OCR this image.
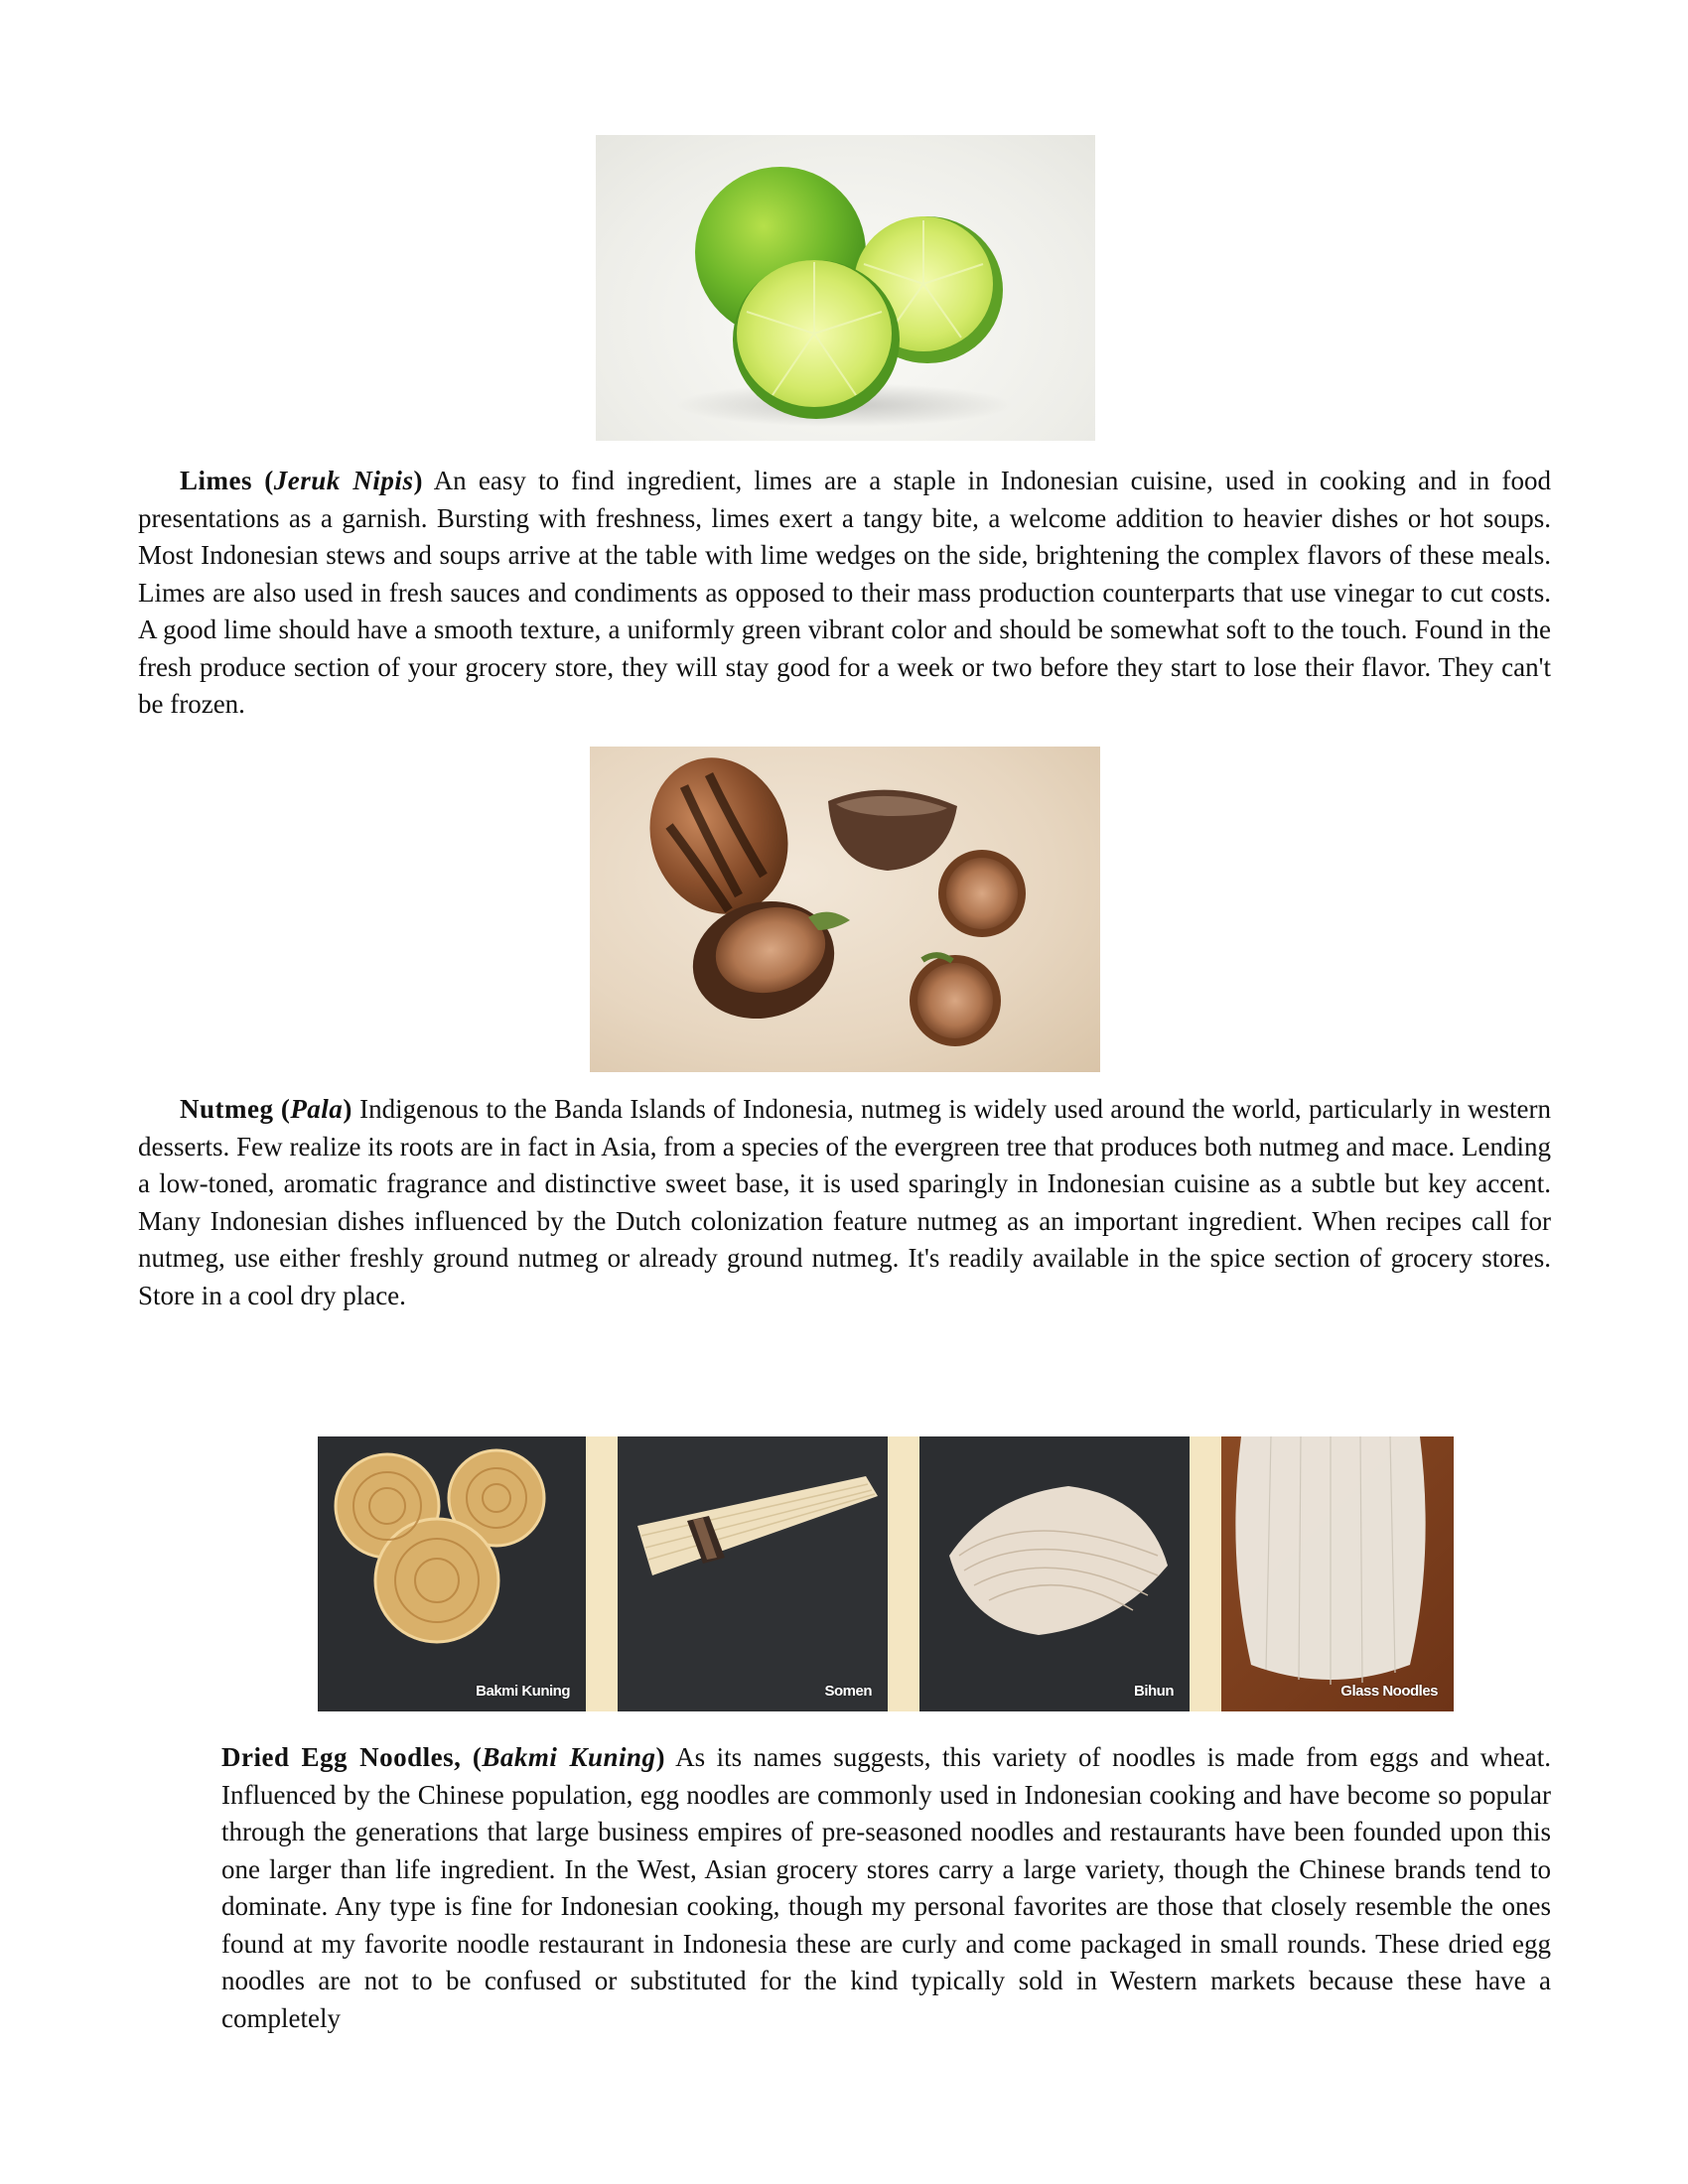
Limes (Jeruk Nipis) An easy to find ingredient, limes are a staple in Indonesian cuisine, used in cooking and in food presentations as a garnish. Bursting with freshness, limes exert a tangy bite, a welcome addition to heavier dishes or hot soups. Most Indonesian stews and soups arrive at the table with lime wedges on the side, brightening the complex flavors of these meals. Limes are also used in fresh sauces and condiments as opposed to their mass production counterparts that use vinegar to cut costs. A good lime should have a smooth texture, a uniformly green vibrant color and should be somewhat soft to the touch. Found in the fresh produce section of your grocery store, they will stay good for a week or two before they start to lose their flavor. They can't be frozen.

Nutmeg (Pala) Indigenous to the Banda Islands of Indonesia, nutmeg is widely used around the world, particularly in western desserts. Few realize its roots are in fact in Asia, from a species of the evergreen tree that produces both nutmeg and mace. Lending a low-toned, aromatic fragrance and distinctive sweet base, it is used sparingly in Indonesian cuisine as a subtle but key accent. Many Indonesian dishes influenced by the Dutch colonization feature nutmeg as an important ingredient. When recipes call for nutmeg, use either freshly ground nutmeg or already ground nutmeg. It's readily available in the spice section of grocery stores. Store in a cool dry place.

Bakmi Kuning	Somen	Bihun	Glass Noodles

Dried Egg Noodles, (Bakmi Kuning) As its names suggests, this variety of noodles is made from eggs and wheat. Influenced by the Chinese population, egg noodles are commonly used in Indonesian cooking and have become so popular through the generations that large business empires of pre-seasoned noodles and restaurants have been founded upon this one larger than life ingredient. In the West, Asian grocery stores carry a large variety, though the Chinese brands tend to dominate. Any type is fine for Indonesian cooking, though my personal favorites are those that closely resemble the ones found at my favorite noodle restaurant in Indonesia these are curly and come packaged in small rounds. These dried egg noodles are not to be confused or substituted for the kind typically sold in Western markets because these have a completely
